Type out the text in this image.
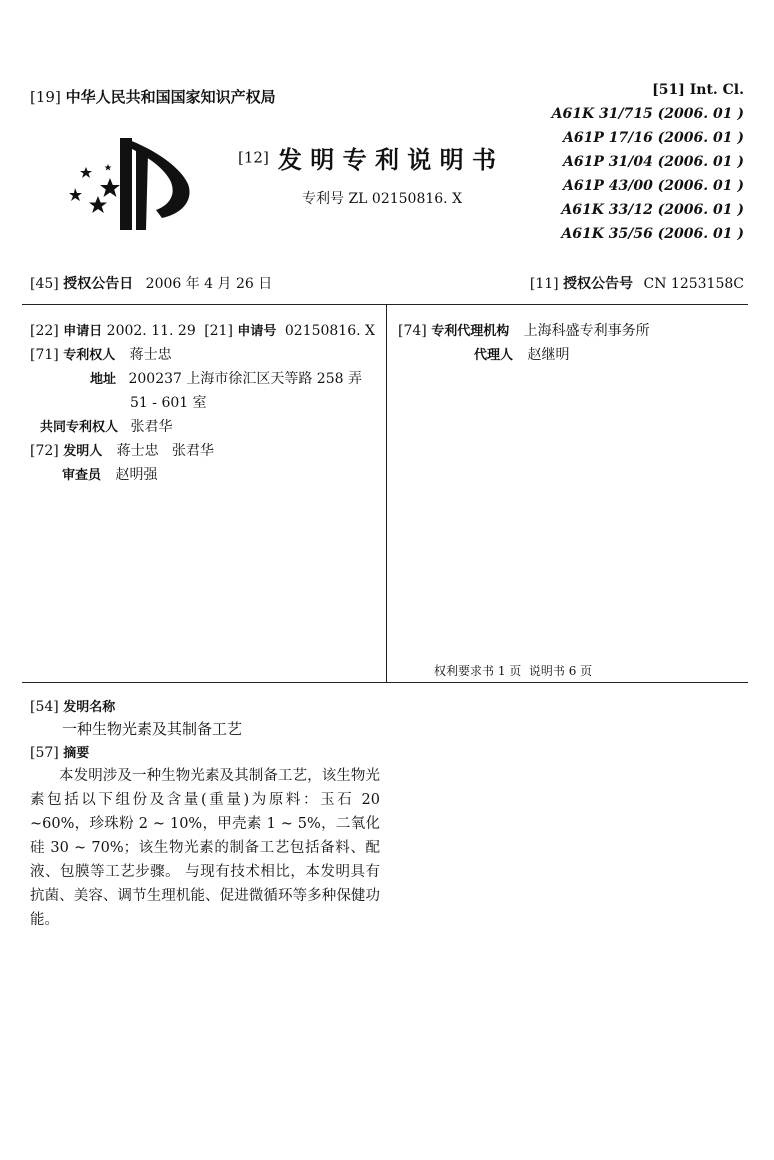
[19] 中华人民共和国国家知识产权局
[12] 发 明 专 利 说 明 书
专利号 ZL 02150816. X
[51] Int. Cl.
A61K 31/715 (2006. 01 )
A61P 17/16 (2006. 01 )
A61P 31/04 (2006. 01 )
A61P 43/00 (2006. 01 )
A61K 33/12 (2006. 01 )
A61K 35/56 (2006. 01 )
[45] 授权公告日 2006 年 4 月 26 日	[11] 授权公告号 CN 1253158C
[22] 申请日 2002. 11. 29 [21] 申请号 02150816. X
[71] 专利权人 蒋士忠
地址 200237 上海市徐汇区天等路 258 弄
51 - 601 室
共同专利权人 张君华
[72] 发明人 蒋士忠   张君华
审查员 赵明强
[74] 专利代理机构 上海科盛专利事务所
代理人 赵继明
权利要求书 1 页  说明书 6 页
[54] 发明名称
一种生物光素及其制备工艺
[57] 摘要
本发明涉及一种生物光素及其制备工艺，该生物光素包括以下组份及含量(重量)为原料：玉石 20 ~60%，珍珠粉 2 ~ 10%，甲壳素 1 ~ 5%，二氧化硅 30 ~ 70%；该生物光素的制备工艺包括备料、配液、包膜等工艺步骤。 与现有技术相比，本发明具有抗菌、美容、调节生理机能、促进微循环等多种保健功能。
